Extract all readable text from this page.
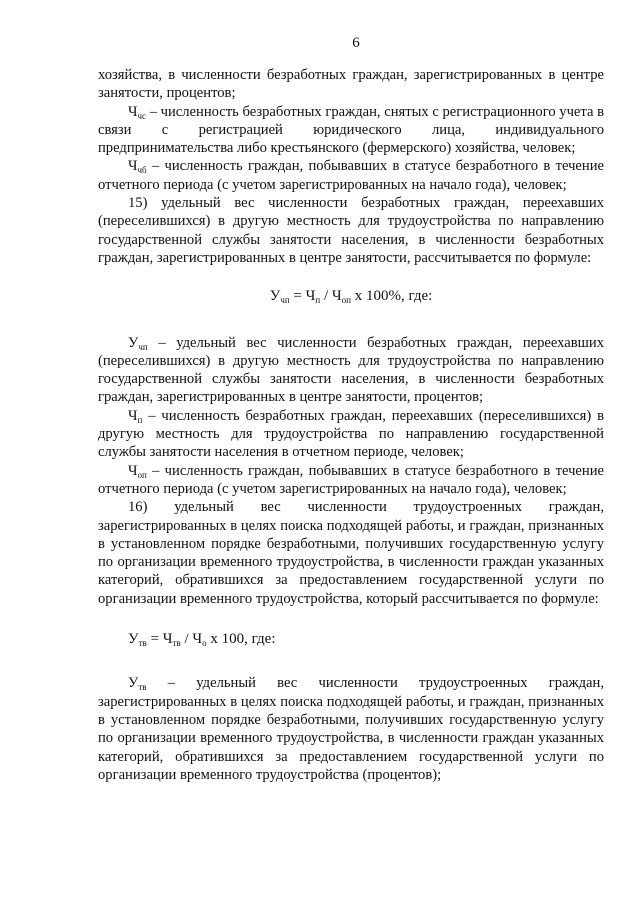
6

хозяйства, в численности безработных граждан, зарегистрированных в центре занятости, процентов;

$Ч_{чс}$ – численность безработных граждан, снятых с регистрационного учета в связи с регистрацией юридического лица, индивидуального предпринимательства либо крестьянского (фермерского) хозяйства, человек;

$Ч_{чб}$ – численность граждан, побывавших в статусе безработного в течение отчетного периода (с учетом зарегистрированных на начало года), человек;

15) удельный вес численности безработных граждан, переехавших (переселившихся) в другую местность для трудоустройства по направлению государственной службы занятости населения, в численности безработных граждан, зарегистрированных в центре занятости, рассчитывается по формуле:

$У_{чп} = Ч_п / Ч_{оп}$ х 100%, где:

$У_{чп}$ – удельный вес численности безработных граждан, переехавших (переселившихся) в другую местность для трудоустройства по направлению государственной службы занятости населения, в численности безработных граждан, зарегистрированных в центре занятости, процентов;

$Ч_п$ – численность безработных граждан, переехавших (переселившихся) в другую местность для трудоустройства по направлению государственной службы занятости населения в отчетном периоде, человек;

$Ч_{оп}$ – численность граждан, побывавших в статусе безработного в течение отчетного периода (с учетом зарегистрированных на начало года), человек;

16) удельный вес численности трудоустроенных граждан, зарегистрированных в целях поиска подходящей работы, и граждан, признанных в установленном порядке безработными, получивших государственную услугу по организации временного трудоустройства, в численности граждан указанных категорий, обратившихся за предоставлением государственной услуги по организации временного трудоустройства, который рассчитывается по формуле:

$У_{тв} = Ч_{тв} / Ч_о$ х 100, где:

$У_{тв}$ – удельный вес численности трудоустроенных граждан, зарегистрированных в целях поиска подходящей работы, и граждан, признанных в установленном порядке безработными, получивших государственную услугу по организации временного трудоустройства, в численности граждан указанных категорий, обратившихся за предоставлением государственной услуги по организации временного трудоустройства (процентов);
